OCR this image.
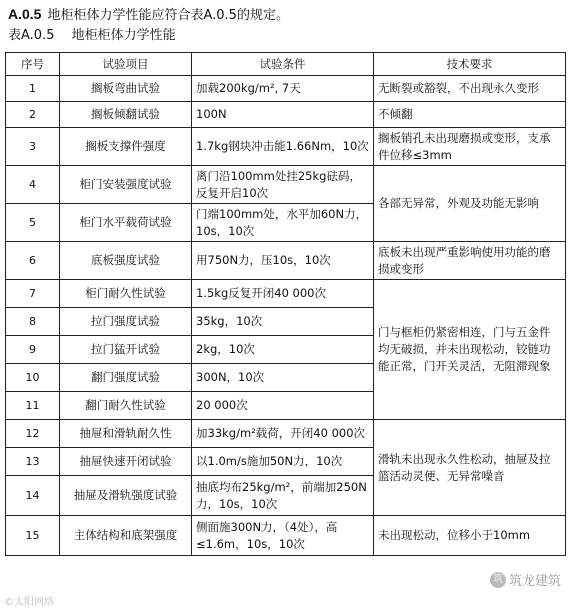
A.0.5 地柜柜体力学性能应符合表A.0.5的规定。
表A.0.5　 地柜柜体力学性能
序号	试验项目	试验条件	技术要求
1	搁板弯曲试验	加载200kg/m², 7天	无断裂或豁裂，不出现永久变形
2	搁板倾翻试验	100N	不倾翻
3	搁板支撑件强度	1.7kg钢块冲击能1.66Nm，10次	搁板销孔未出现磨损或变形，支承件位移≤3mm
4	柜门安装强度试验	离门沿100mm处挂25kg砝码，反复开启10次	各部无异常，外观及功能无影响
5	柜门水平载荷试验	门端100mm处，水平加60N力，10s，10次	
6	底板强度试验	用750N力，压10s，10次	底板未出现严重影响使用功能的磨损或变形
7	柜门耐久性试验	1.5kg反复开闭40 000次	门与框柜仍紧密相连，门与五金件均无破损，并未出现松动，铰链功能正常，门开关灵活，无阻滞现象
8	拉门强度试验	35kg，10次	
9	拉门猛开试验	2kg，10次	
10	翻门强度试验	300N，10次	
11	翻门耐久性试验	20 000次	
12	抽屉和滑轨耐久性	加33kg/m²载荷，开闭40 000次	滑轨未出现永久性松动，抽屉及拉篮活动灵便、无异常噪音
13	抽屉快速开闭试验	以1.0m/s施加50N力，10次	
14	抽屉及滑轨强度试验	抽底均布25kg/m²，前端加250N力，10s，10次	
15	主体结构和底架强度	侧面施300N力，（4处），高≤1.6m，10s，10次	未出现松动，位移小于10mm
筑 筑龙建筑
©太阳网络
